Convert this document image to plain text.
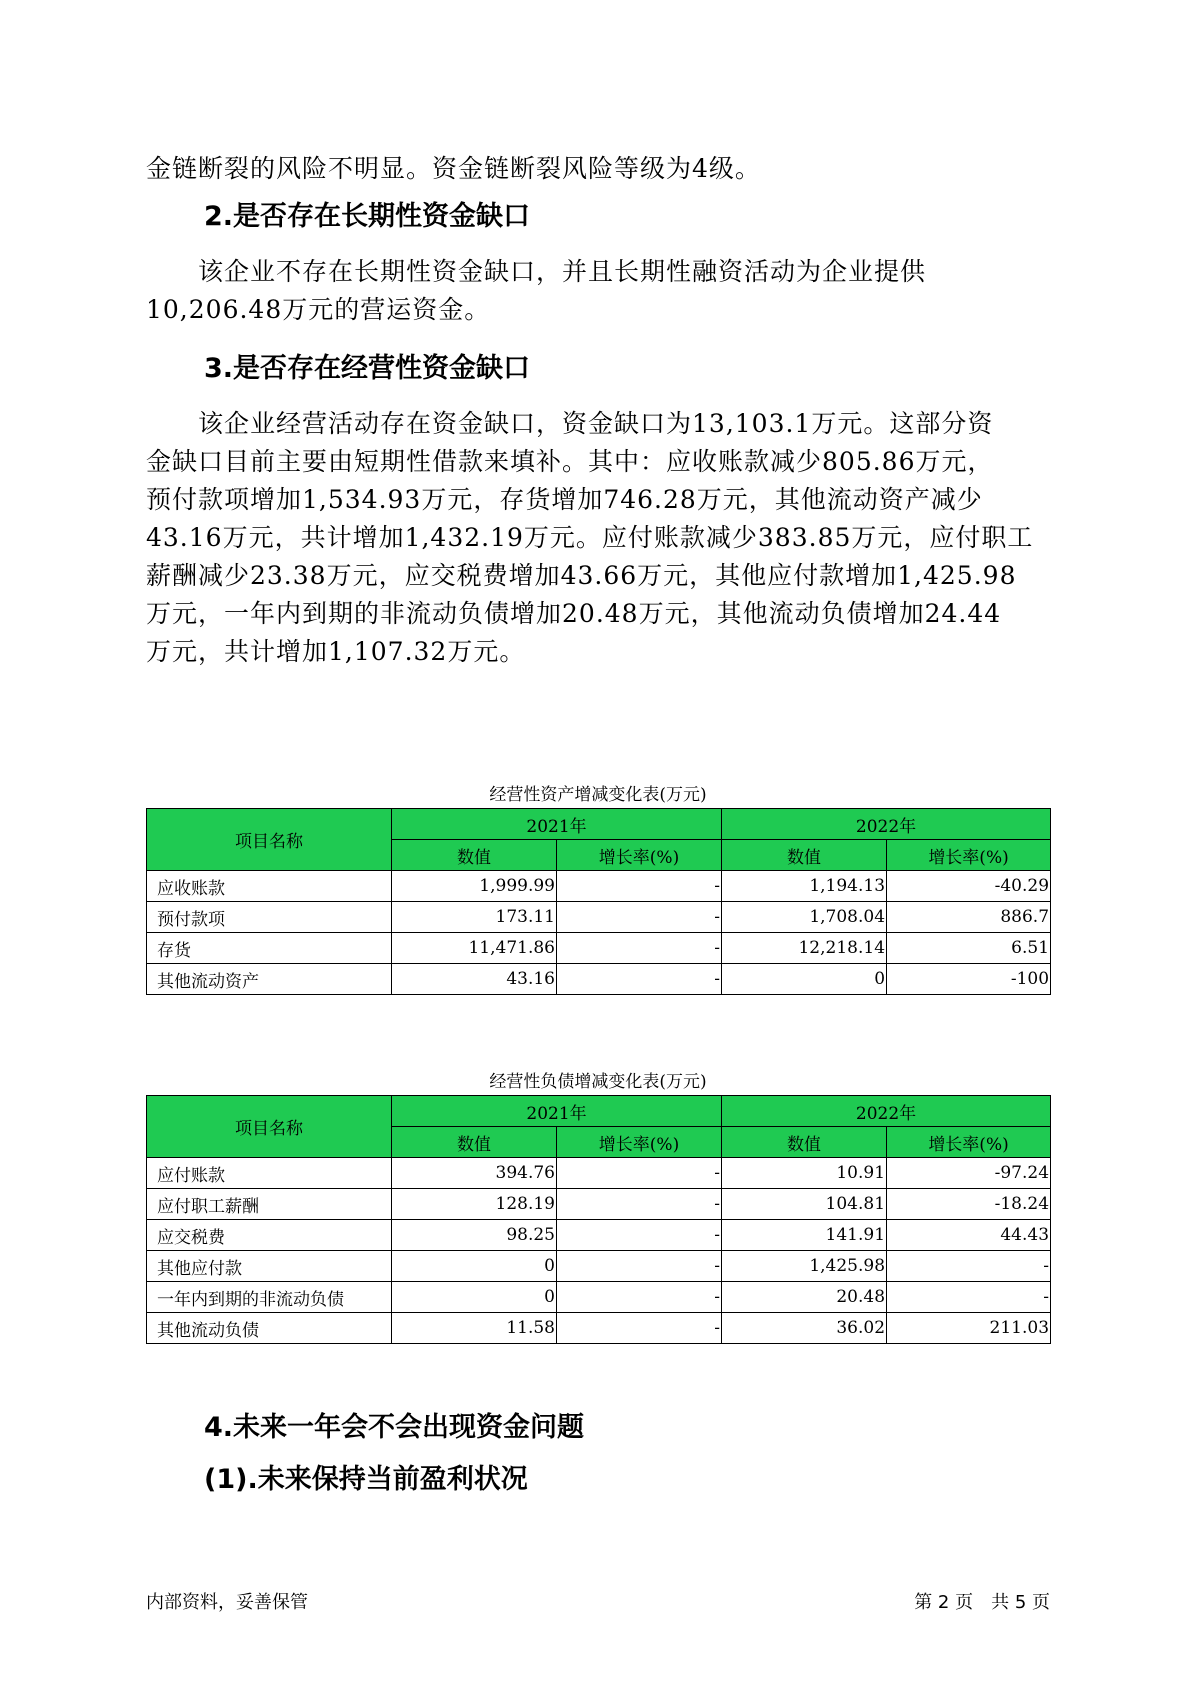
金链断裂的风险不明显。资金链断裂风险等级为4级。

2.是否存在长期性资金缺口

　　该企业不存在长期性资金缺口，并且长期性融资活动为企业提供
10,206.48万元的营运资金。

3.是否存在经营性资金缺口

　　该企业经营活动存在资金缺口，资金缺口为13,103.1万元。这部分资
金缺口目前主要由短期性借款来填补。其中：应收账款减少805.86万元，
预付款项增加1,534.93万元，存货增加746.28万元，其他流动资产减少
43.16万元，共计增加1,432.19万元。应付账款减少383.85万元，应付职工
薪酬减少23.38万元，应交税费增加43.66万元，其他应付款增加1,425.98
万元，一年内到期的非流动负债增加20.48万元，其他流动负债增加24.44
万元，共计增加1,107.32万元。

经营性资产增减变化表(万元)

项目名称	2021年		2022年	
	数值	增长率(%)	数值	增长率(%)
应收账款	1,999.99	-	1,194.13	-40.29
预付款项	173.11	-	1,708.04	886.7
存货	11,471.86	-	12,218.14	6.51
其他流动资产	43.16	-	0	-100

经营性负债增减变化表(万元)

项目名称	2021年		2022年	
	数值	增长率(%)	数值	增长率(%)
应付账款	394.76	-	10.91	-97.24
应付职工薪酬	128.19	-	104.81	-18.24
应交税费	98.25	-	141.91	44.43
其他应付款	0	-	1,425.98	-
一年内到期的非流动负债	0	-	20.48	-
其他流动负债	11.58	-	36.02	211.03
4.未来一年会不会出现资金问题
(1).未来保持当前盈利状况

内部资料，妥善保管	第 2 页　共 5 页
